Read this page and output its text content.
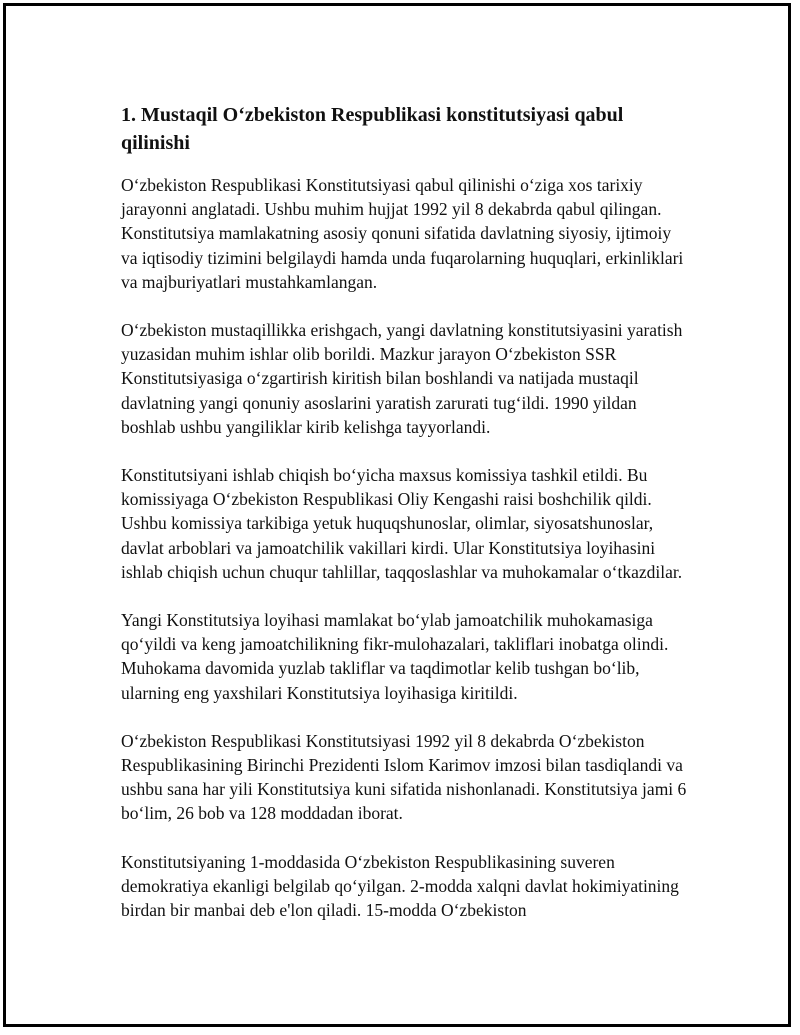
1. Mustaqil O‘zbekiston Respublikasi konstitutsiyasi qabul qilinishi

O‘zbekiston Respublikasi Konstitutsiyasi qabul qilinishi o‘ziga xos tarixiy jarayonni anglatadi. Ushbu muhim hujjat 1992 yil 8 dekabrda qabul qilingan. Konstitutsiya mamlakatning asosiy qonuni sifatida davlatning siyosiy, ijtimoiy va iqtisodiy tizimini belgilaydi hamda unda fuqarolarning huquqlari, erkinliklari va majburiyatlari mustahkamlangan.

O‘zbekiston mustaqillikka erishgach, yangi davlatning konstitutsiyasini yaratish yuzasidan muhim ishlar olib borildi. Mazkur jarayon O‘zbekiston SSR Konstitutsiyasiga o‘zgartirish kiritish bilan boshlandi va natijada mustaqil davlatning yangi qonuniy asoslarini yaratish zarurati tug‘ildi. 1990 yildan boshlab ushbu yangiliklar kirib kelishga tayyorlandi.

Konstitutsiyani ishlab chiqish bo‘yicha maxsus komissiya tashkil etildi. Bu komissiyaga O‘zbekiston Respublikasi Oliy Kengashi raisi boshchilik qildi. Ushbu komissiya tarkibiga yetuk huquqshunoslar, olimlar, siyosatshunoslar, davlat arboblari va jamoatchilik vakillari kirdi. Ular Konstitutsiya loyihasini ishlab chiqish uchun chuqur tahlillar, taqqoslashlar va muhokamalar o‘tkazdilar.

Yangi Konstitutsiya loyihasi mamlakat bo‘ylab jamoatchilik muhokamasiga qo‘yildi va keng jamoatchilikning fikr-mulohazalari, takliflari inobatga olindi. Muhokama davomida yuzlab takliflar va taqdimotlar kelib tushgan bo‘lib, ularning eng yaxshilari Konstitutsiya loyihasiga kiritildi.

O‘zbekiston Respublikasi Konstitutsiyasi 1992 yil 8 dekabrda O‘zbekiston Respublikasining Birinchi Prezidenti Islom Karimov imzosi bilan tasdiqlandi va ushbu sana har yili Konstitutsiya kuni sifatida nishonlanadi. Konstitutsiya jami 6 bo‘lim, 26 bob va 128 moddadan iborat.

Konstitutsiyaning 1-moddasida O‘zbekiston Respublikasining suveren demokratiya ekanligi belgilab qo‘yilgan. 2-modda xalqni davlat hokimiyatining birdan bir manbai deb e'lon qiladi. 15-modda O‘zbekiston
